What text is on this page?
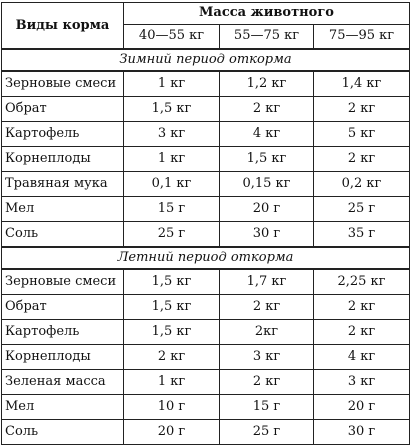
Виды корма	Масса животного		
	40—55 кг	55—75 кг	75—95 кг
Зимний период откорма			
Зерновые смеси	1 кг	1,2 кг	1,4 кг
Обрат	1,5 кг	2 кг	2 кг
Картофель	3 кг	4 кг	5 кг
Корнеплоды	1 кг	1,5 кг	2 кг
Травяная мука	0,1 кг	0,15 кг	0,2 кг
Мел	15 г	20 г	25 г
Соль	25 г	30 г	35 г
Летний период откорма			
Зерновые смеси	1,5 кг	1,7 кг	2,25 кг
Обрат	1,5 кг	2 кг	2 кг
Картофель	1,5 кг	2кг	2 кг
Корнеплоды	2 кг	3 кг	4 кг
Зеленая масса	1 кг	2 кг	3 кг
Мел	10 г	15 г	20 г
Соль	20 г	25 г	30 г
